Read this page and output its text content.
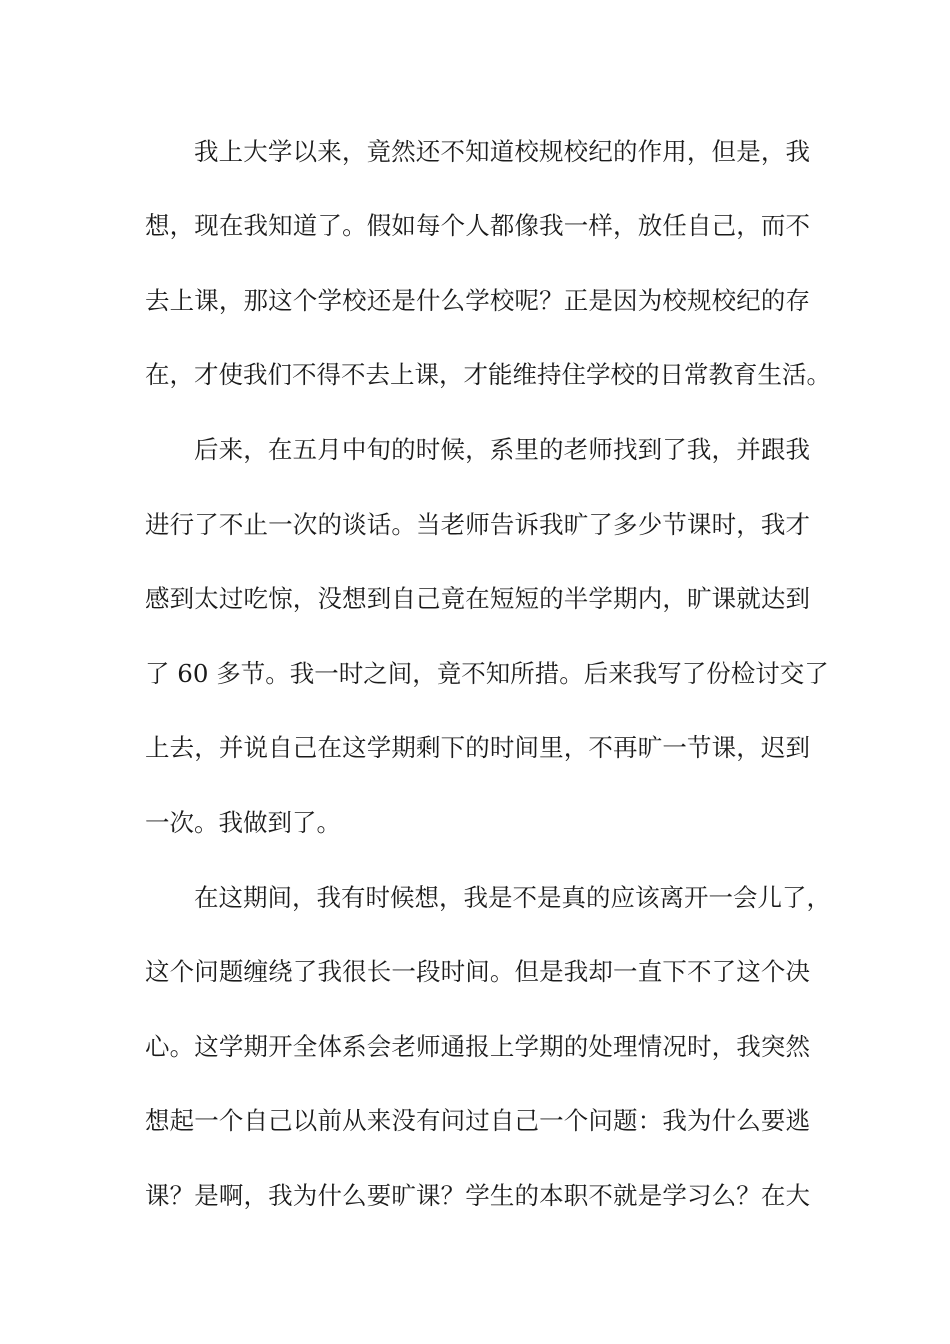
我上大学以来，竟然还不知道校规校纪的作用，但是，我
想，现在我知道了。假如每个人都像我一样，放任自己，而不
去上课，那这个学校还是什么学校呢？正是因为校规校纪的存
在，才使我们不得不去上课，才能维持住学校的日常教育生活。
后来，在五月中旬的时候，系里的老师找到了我，并跟我
进行了不止一次的谈话。当老师告诉我旷了多少节课时，我才
感到太过吃惊，没想到自己竟在短短的半学期内，旷课就达到
了 60 多节。我一时之间，竟不知所措。后来我写了份检讨交了
上去，并说自己在这学期剩下的时间里，不再旷一节课，迟到
一次。我做到了。
在这期间，我有时候想，我是不是真的应该离开一会儿了，
这个问题缠绕了我很长一段时间。但是我却一直下不了这个决
心。这学期开全体系会老师通报上学期的处理情况时，我突然
想起一个自己以前从来没有问过自己一个问题：我为什么要逃
课？是啊，我为什么要旷课？学生的本职不就是学习么？在大
